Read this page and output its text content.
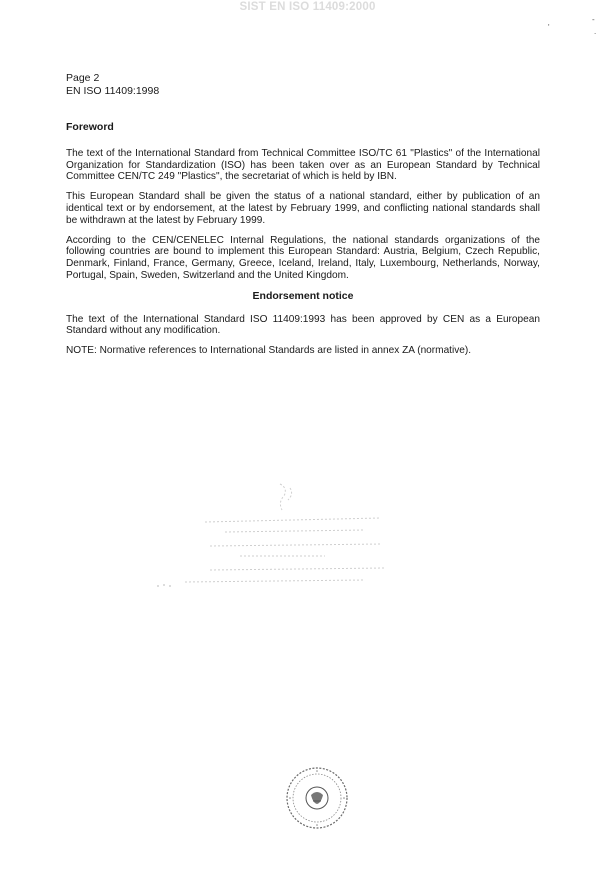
SIST EN ISO 11409:2000
'
-
.
Page 2
EN ISO 11409:1998
Foreword

The text of the International Standard from Technical Committee ISO/TC 61 "Plastics" of the International Organization for Standardization (ISO) has been taken over as an European Standard by Technical Committee CEN/TC 249 "Plastics", the secretariat of which is held by IBN.

This European Standard shall be given the status of a national standard, either by publication of an identical text or by endorsement, at the latest by February 1999, and conflicting national standards shall be withdrawn at the latest by February 1999.

According to the CEN/CENELEC Internal Regulations, the national standards organizations of the following countries are bound to implement this European Standard: Austria, Belgium, Czech Republic, Denmark, Finland, France, Germany, Greece, Iceland, Ireland, Italy, Luxembourg, Netherlands, Norway, Portugal, Spain, Sweden, Switzerland and the United Kingdom.

Endorsement notice

The text of the International Standard ISO 11409:1993 has been approved by CEN as a European Standard without any modification.

NOTE: Normative references to International Standards are listed in annex ZA (normative).
